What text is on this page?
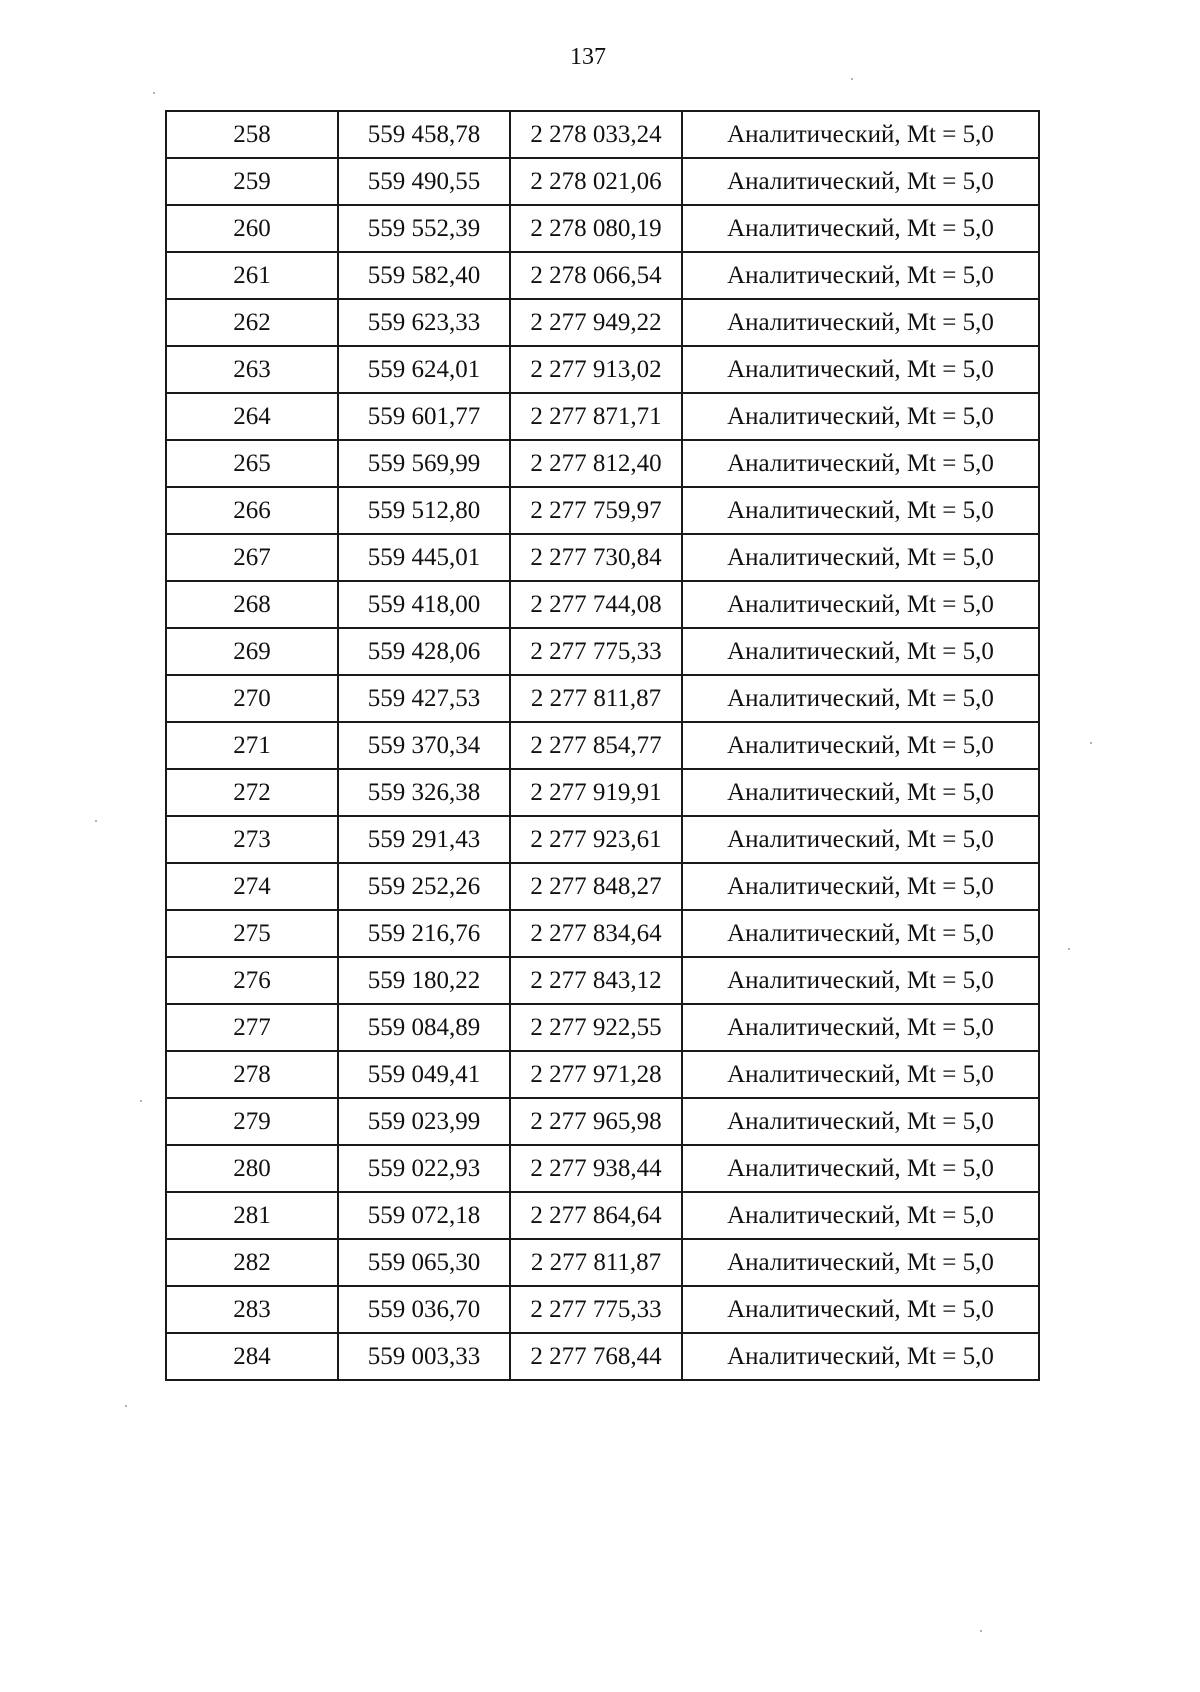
137
258	559 458,78	2 278 033,24	Аналитический, Mt = 5,0
259	559 490,55	2 278 021,06	Аналитический, Mt = 5,0
260	559 552,39	2 278 080,19	Аналитический, Mt = 5,0
261	559 582,40	2 278 066,54	Аналитический, Mt = 5,0
262	559 623,33	2 277 949,22	Аналитический, Mt = 5,0
263	559 624,01	2 277 913,02	Аналитический, Mt = 5,0
264	559 601,77	2 277 871,71	Аналитический, Mt = 5,0
265	559 569,99	2 277 812,40	Аналитический, Mt = 5,0
266	559 512,80	2 277 759,97	Аналитический, Mt = 5,0
267	559 445,01	2 277 730,84	Аналитический, Mt = 5,0
268	559 418,00	2 277 744,08	Аналитический, Mt = 5,0
269	559 428,06	2 277 775,33	Аналитический, Mt = 5,0
270	559 427,53	2 277 811,87	Аналитический, Mt = 5,0
271	559 370,34	2 277 854,77	Аналитический, Mt = 5,0
272	559 326,38	2 277 919,91	Аналитический, Mt = 5,0
273	559 291,43	2 277 923,61	Аналитический, Mt = 5,0
274	559 252,26	2 277 848,27	Аналитический, Mt = 5,0
275	559 216,76	2 277 834,64	Аналитический, Mt = 5,0
276	559 180,22	2 277 843,12	Аналитический, Mt = 5,0
277	559 084,89	2 277 922,55	Аналитический, Mt = 5,0
278	559 049,41	2 277 971,28	Аналитический, Mt = 5,0
279	559 023,99	2 277 965,98	Аналитический, Mt = 5,0
280	559 022,93	2 277 938,44	Аналитический, Mt = 5,0
281	559 072,18	2 277 864,64	Аналитический, Mt = 5,0
282	559 065,30	2 277 811,87	Аналитический, Mt = 5,0
283	559 036,70	2 277 775,33	Аналитический, Mt = 5,0
284	559 003,33	2 277 768,44	Аналитический, Mt = 5,0
